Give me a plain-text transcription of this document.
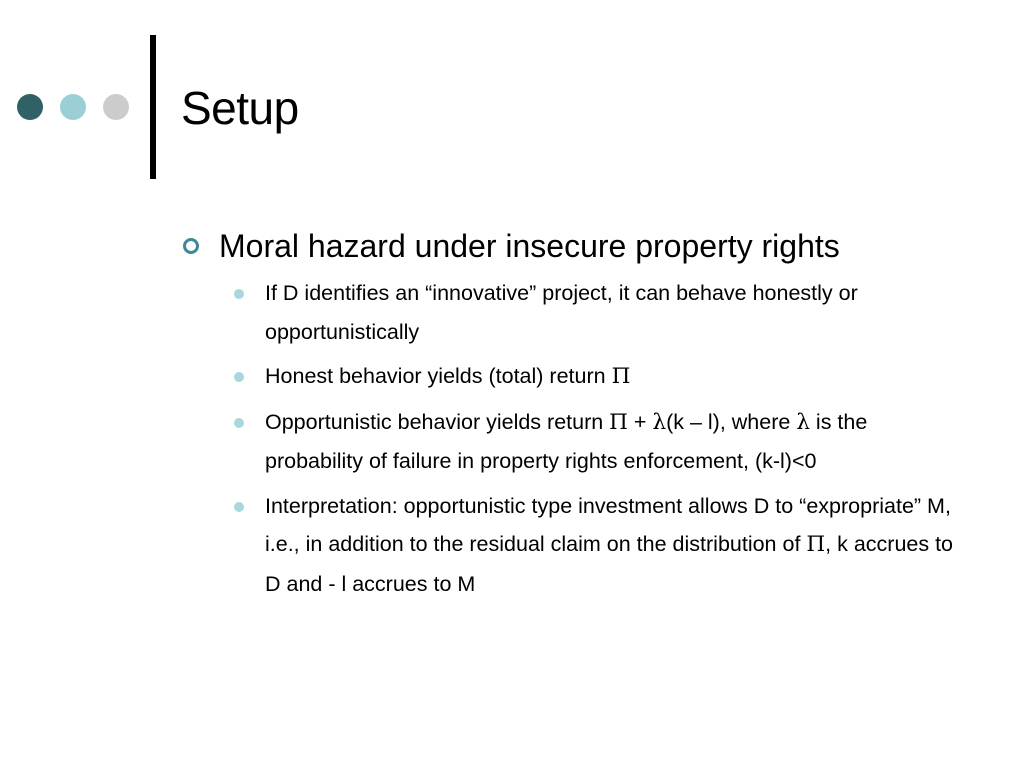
Setup
Moral hazard under insecure property rights
If D identifies an “innovative” project, it can behave honestly or opportunistically
Honest behavior yields (total) return Π
Opportunistic behavior yields return Π + λ(k – l), where λ is the probability of failure in property rights enforcement, (k-l)<0
Interpretation: opportunistic type investment allows D to “expropriate” M, i.e., in addition to the residual claim on the distribution of Π, k accrues to D and - l accrues to M
